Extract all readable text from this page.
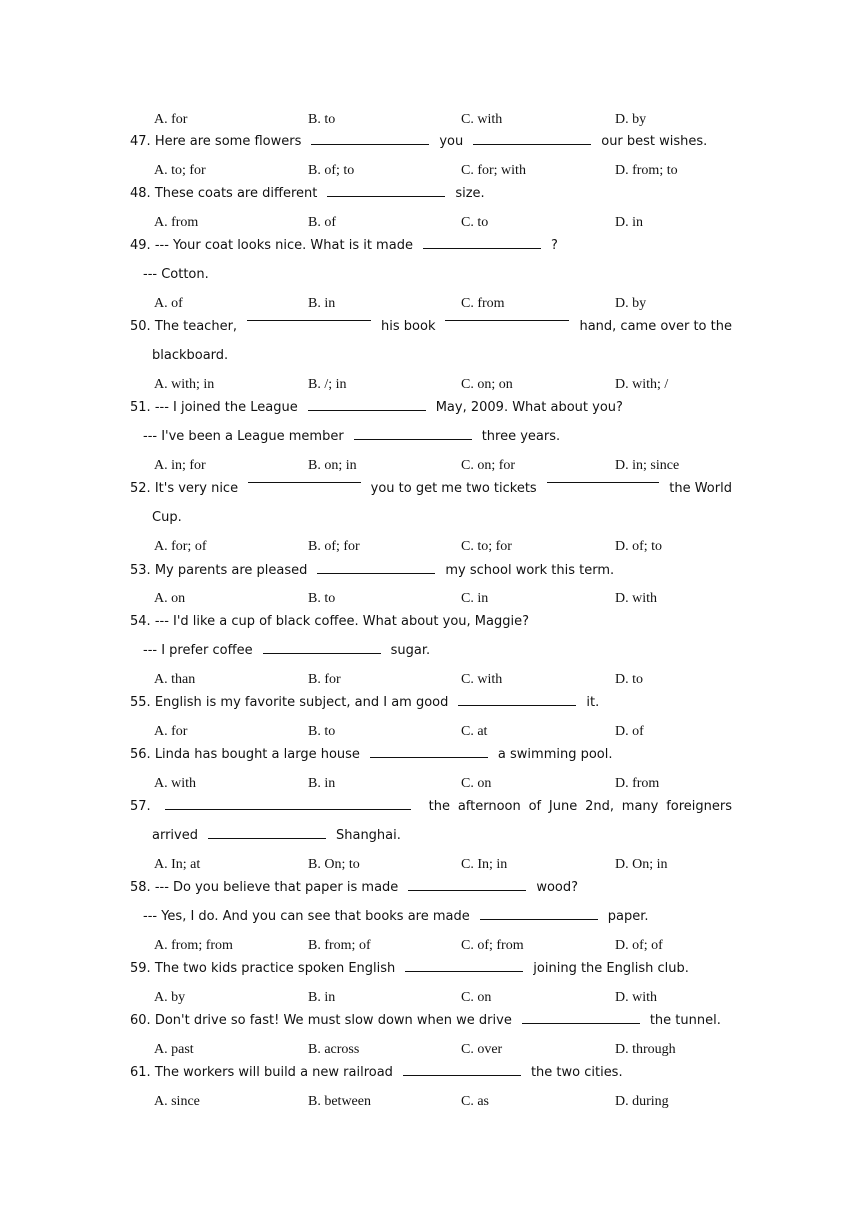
A. for	B. to	C. with	D. by
47. Here are some flowers	you	our best wishes.
A. to; for	B. of; to	C. for; with	D. from; to
48. These coats are different	size.
A. from	B. of	C. to	D. in
49. --- Your coat looks nice. What is it made	?
--- Cotton.
A. of	B. in	C. from	D. by
50. The teacher,	his book	hand, came over to the
blackboard.
A. with; in	B. /; in	C. on; on	D. with; /
51. --- I joined the League	May, 2009. What about you?
--- I've been a League member	three years.
A. in; for	B. on; in	C. on; for	D. in; since
52. It's very nice	you to get me two tickets	the World
Cup.
A. for; of	B. of; for	C. to; for	D. of; to
53. My parents are pleased	my school work this term.
A. on	B. to	C. in	D. with
54. --- I'd like a cup of black coffee. What about you, Maggie?
--- I prefer coffee	sugar.
A. than	B. for	C. with	D. to
55. English is my favorite subject, and I am good	it.
A. for	B. to	C. at	D. of
56. Linda has bought a large house	a swimming pool.
A. with	B. in	C. on	D. from
57.	the afternoon of June 2nd, many foreigners
arrived	Shanghai.
A. In; at	B. On; to	C. In; in	D. On; in
58. --- Do you believe that paper is made	wood?
--- Yes, I do. And you can see that books are made	paper.
A. from; from	B. from; of	C. of; from	D. of; of
59. The two kids practice spoken English	joining the English club.
A. by	B. in	C. on	D. with
60. Don't drive so fast! We must slow down when we drive	the tunnel.
A. past	B. across	C. over	D. through
61. The workers will build a new railroad	the two cities.
A. since	B. between	C. as	D. during
